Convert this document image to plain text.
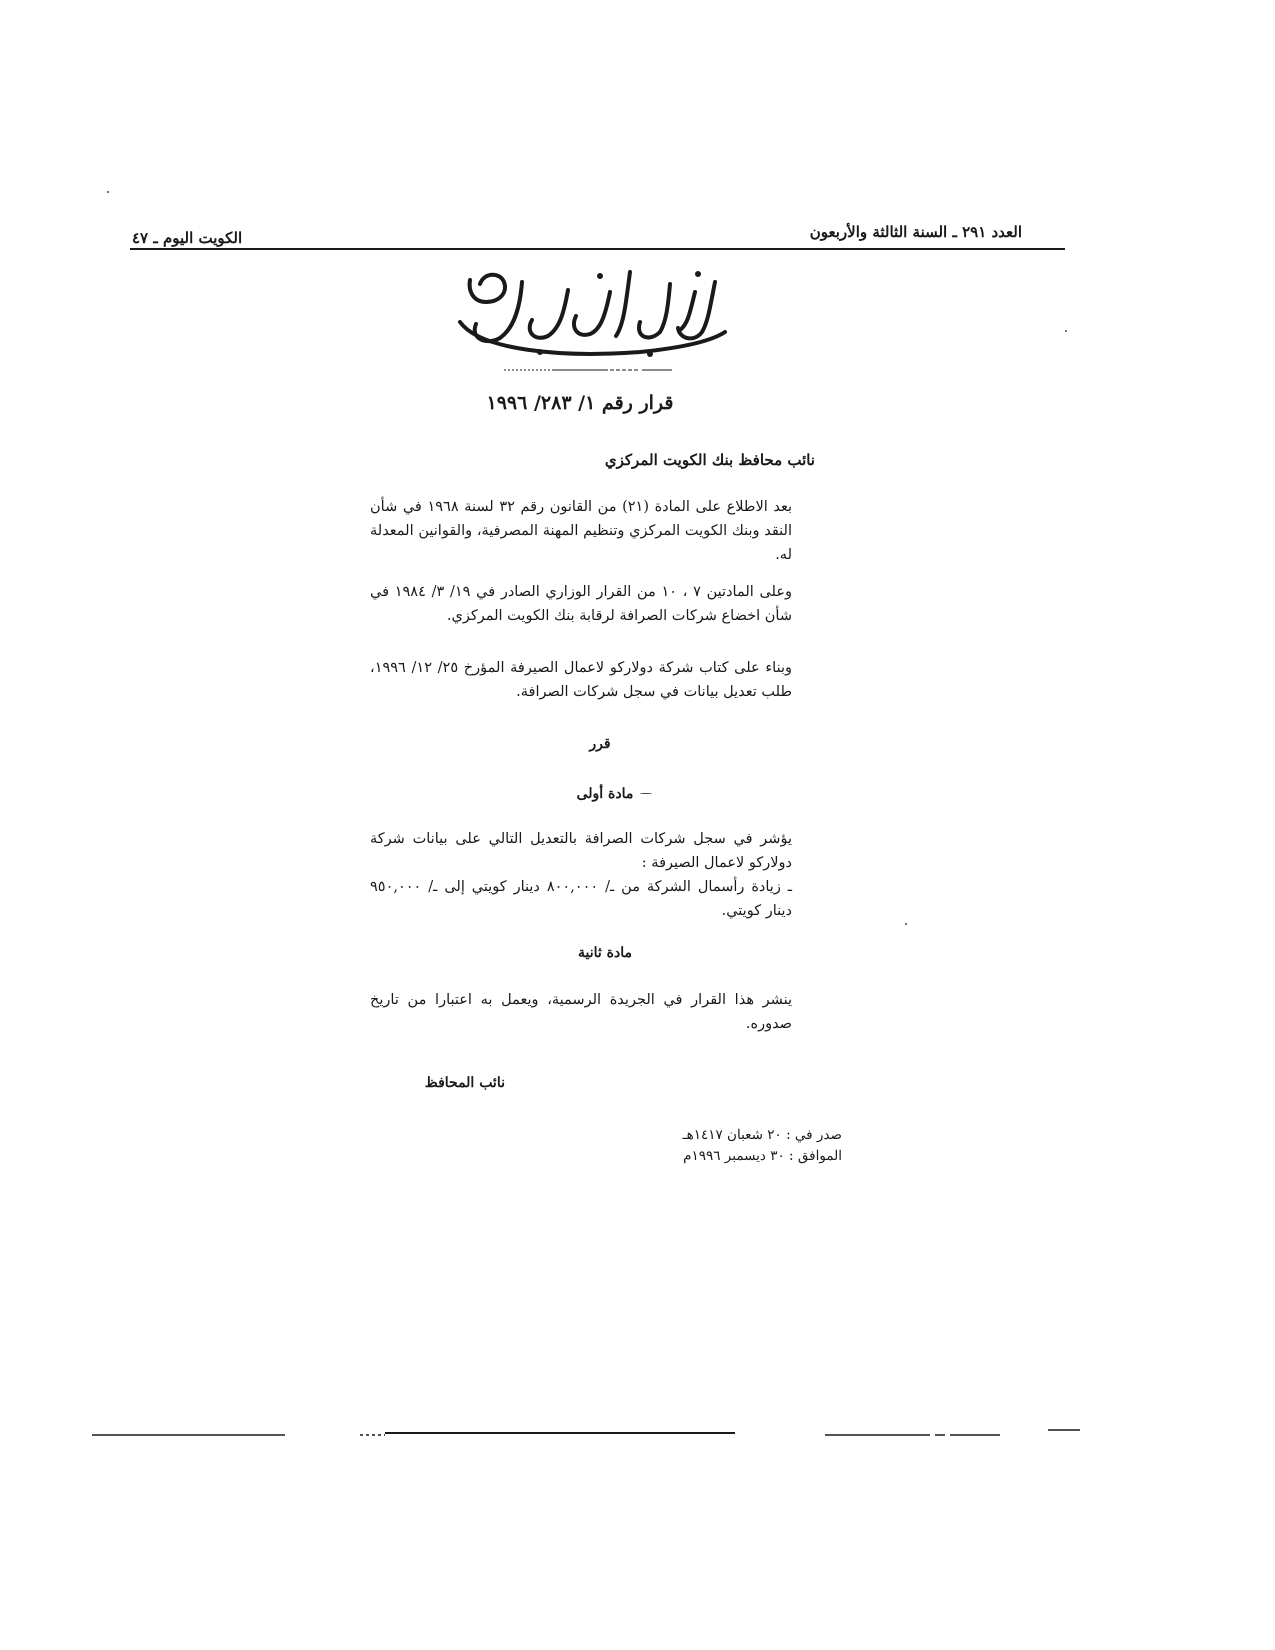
العدد ٢٩١ ـ السنة الثالثة والأربعون
الكويت اليوم ـ ٤٧
قرار رقم ١/ ٢٨٣/ ١٩٩٦
نائب محافظ بنك الكويت المركزي

بعد الاطلاع على المادة (٢١) من القانون رقم ٣٢ لسنة ١٩٦٨ في شأن النقد وبنك الكويت المركزي وتنظيم المهنة المصرفية، والقوانين المعدلة له.

وعلى المادتين ٧ ، ١٠ من القرار الوزاري الصادر في ١٩/ ٣/ ١٩٨٤ في شأن اخضاع شركات الصرافة لرقابة بنك الكويت المركزي.

وبناء على كتاب شركة دولاركو لاعمال الصيرفة المؤرخ ٢٥/ ١٢/ ١٩٩٦، طلب تعديل بيانات في سجل شركات الصرافة.

قرر
مادة أولى

يؤشر في سجل شركات الصرافة بالتعديل التالي على بيانات شركة دولاركو لاعمال الصيرفة :

ـ زيادة رأسمال الشركة من ـ/ ٨٠٠,٠٠٠ دينار كويتي إلى ـ/ ٩٥٠,٠٠٠ دينار كويتي.

مادة ثانية

ينشر هذا القرار في الجريدة الرسمية، ويعمل به اعتبارا من تاريخ صدوره.

نائب المحافظ
صدر في : ٢٠ شعبان ١٤١٧هـ
الموافق : ٣٠ ديسمبر ١٩٩٦م
